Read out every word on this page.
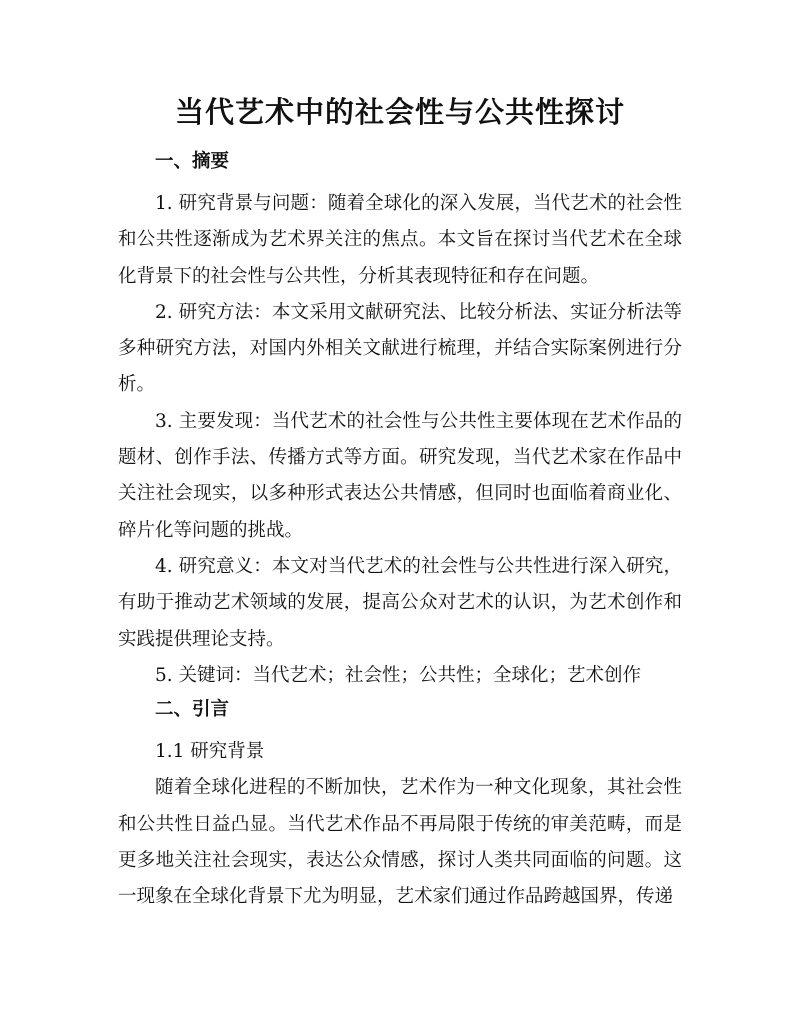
当代艺术中的社会性与公共性探讨
一、摘要

1. 研究背景与问题：随着全球化的深入发展，当代艺术的社会性和公共性逐渐成为艺术界关注的焦点。本文旨在探讨当代艺术在全球化背景下的社会性与公共性，分析其表现特征和存在问题。

2. 研究方法：本文采用文献研究法、比较分析法、实证分析法等多种研究方法，对国内外相关文献进行梳理，并结合实际案例进行分析。

3. 主要发现：当代艺术的社会性与公共性主要体现在艺术作品的题材、创作手法、传播方式等方面。研究发现，当代艺术家在作品中关注社会现实，以多种形式表达公共情感，但同时也面临着商业化、碎片化等问题的挑战。

4. 研究意义：本文对当代艺术的社会性与公共性进行深入研究，有助于推动艺术领域的发展，提高公众对艺术的认识，为艺术创作和实践提供理论支持。

5. 关键词：当代艺术；社会性；公共性；全球化；艺术创作

二、引言

1.1 研究背景

随着全球化进程的不断加快，艺术作为一种文化现象，其社会性和公共性日益凸显。当代艺术作品不再局限于传统的审美范畴，而是更多地关注社会现实，表达公众情感，探讨人类共同面临的问题。这一现象在全球化背景下尤为明显，艺术家们通过作品跨越国界，传递
